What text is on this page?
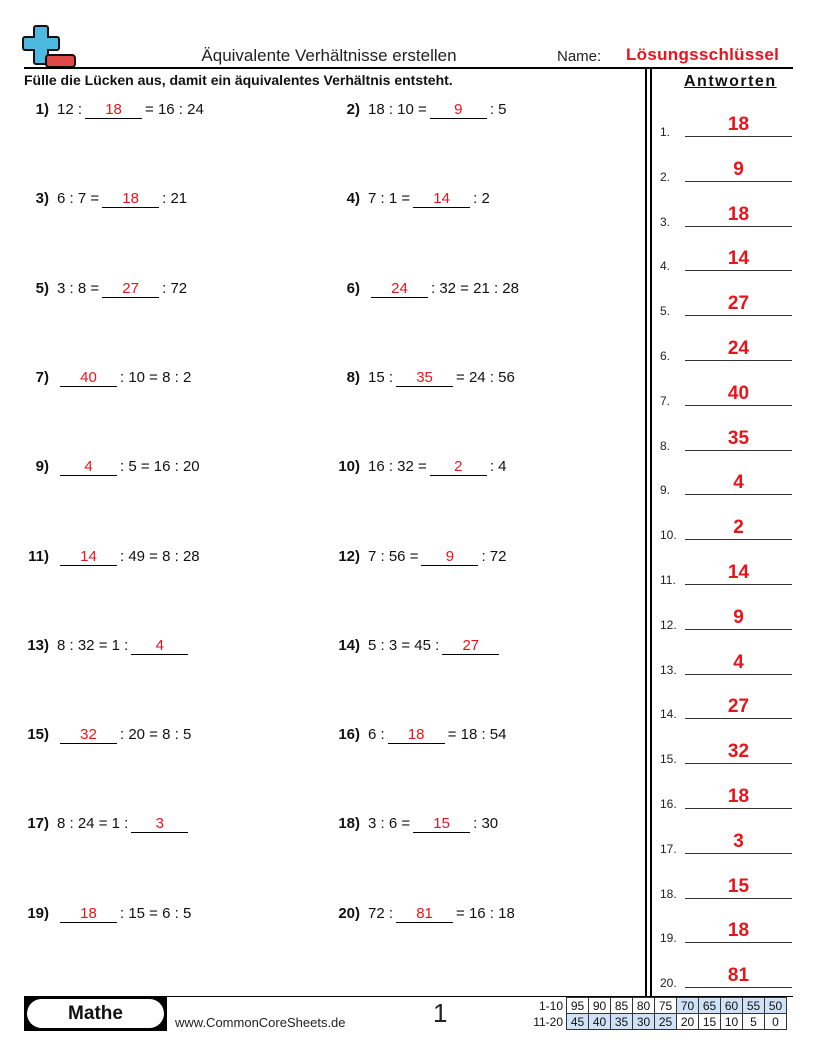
Äquivalente Verhältnisse erstellen	Name: Lösungsschlüssel
Fülle die Lücken aus, damit ein äquivalentes Verhältnis entsteht.	Antworten
1) 12 :	18	= 16 : 24	2) 18 : 10 =	9	: 5
3) 6 : 7 =	18	: 21	4) 7 : 1 =	14	: 2
5) 3 : 8 =	27	: 72	6)	24	: 32 = 21 : 28
7)	40	: 10 = 8 : 2	8) 15 :	35	= 24 : 56
9)	4	: 5 = 16 : 20	10) 16 : 32 =	2	: 4
11)	14	: 49 = 8 : 28	12) 7 : 56 =	9	: 72
13) 8 : 32 = 1 :	4	14) 5 : 3 = 45 :	27
15)	32	: 20 = 8 : 5	16) 6 :	18	= 18 : 54
17) 8 : 24 = 1 :	3	18) 3 : 6 =	15	: 30
19)	18	: 15 = 6 : 5	20) 72 :	81	= 16 : 18
1.	18
2.	9
3.	18
4.	14
5.	27
6.	24
7.	40
8.	35
9.	4
10.	2
11.	14
12.	9
13.	4
14.	27
15.	32
16.	18
17.	3
18.	15
19.	18
20.	81
Mathe	www.CommonCoreSheets.de	1	1-10	95	90	85	80	75	70	65	60	55	50
11-20	45	40	35	30	25	20	15	10	5	0
